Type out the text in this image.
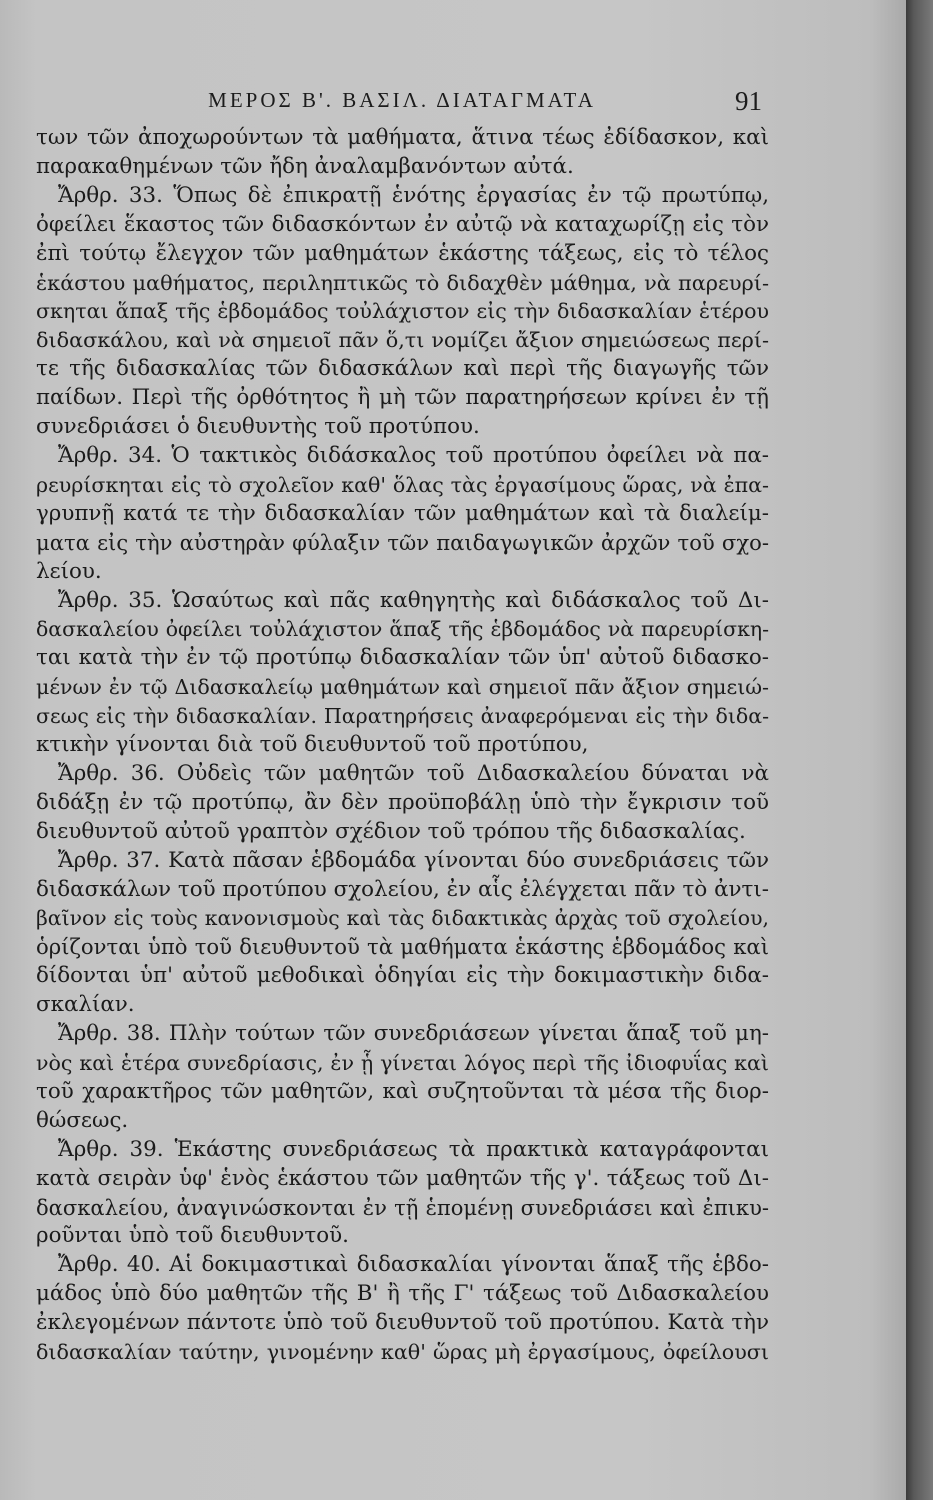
ΜΕΡΟΣ Β'. ΒΑΣΙΛ. ΔΙΑΤΑΓΜΑΤΑ	91
των τῶν ἀποχωρούντων τὰ μαθήματα, ἅτινα τέως ἐδίδασκον, καὶ
παρακαθημένων τῶν ἤδη ἀναλαμβανόντων αὐτά.
Ἄρθρ. 33. Ὅπως δὲ ἐπικρατῇ ἑνότης ἐργασίας ἐν τῷ πρωτύπῳ,
ὀφείλει ἕκαστος τῶν διδασκόντων ἐν αὐτῷ νὰ καταχωρίζῃ εἰς τὸν
ἐπὶ τούτῳ ἔλεγχον τῶν μαθημάτων ἑκάστης τάξεως, εἰς τὸ τέλος
ἑκάστου μαθήματος, περιληπτικῶς τὸ διδαχθὲν μάθημα, νὰ παρευρί-
σκηται ἅπαξ τῆς ἑβδομάδος τοὐλάχιστον εἰς τὴν διδασκαλίαν ἑτέρου
διδασκάλου, καὶ νὰ σημειοῖ πᾶν ὅ,τι νομίζει ἄξιον σημειώσεως περί-
τε τῆς διδασκαλίας τῶν διδασκάλων καὶ περὶ τῆς διαγωγῆς τῶν
παίδων. Περὶ τῆς ὀρθότητος ἢ μὴ τῶν παρατηρήσεων κρίνει ἐν τῇ
συνεδριάσει ὁ διευθυντὴς τοῦ προτύπου.
Ἄρθρ. 34. Ὁ τακτικὸς διδάσκαλος τοῦ προτύπου ὀφείλει νὰ πα-
ρευρίσκηται εἰς τὸ σχολεῖον καθ' ὅλας τὰς ἐργασίμους ὥρας, νὰ ἐπα-
γρυπνῇ κατά τε τὴν διδασκαλίαν τῶν μαθημάτων καὶ τὰ διαλείμ-
ματα εἰς τὴν αὐστηρὰν φύλαξιν τῶν παιδαγωγικῶν ἀρχῶν τοῦ σχο-
λείου.
Ἄρθρ. 35. Ὡσαύτως καὶ πᾶς καθηγητὴς καὶ διδάσκαλος τοῦ Δι-
δασκαλείου ὀφείλει τοὐλάχιστον ἅπαξ τῆς ἑβδομάδος νὰ παρευρίσκη-
ται κατὰ τὴν ἐν τῷ προτύπῳ διδασκαλίαν τῶν ὑπ' αὐτοῦ διδασκο-
μένων ἐν τῷ Διδασκαλείῳ μαθημάτων καὶ σημειοῖ πᾶν ἄξιον σημειώ-
σεως εἰς τὴν διδασκαλίαν. Παρατηρήσεις ἀναφερόμεναι εἰς τὴν διδα-
κτικὴν γίνονται διὰ τοῦ διευθυντοῦ τοῦ προτύπου,
Ἄρθρ. 36. Οὐδεὶς τῶν μαθητῶν τοῦ Διδασκαλείου δύναται νὰ
διδάξῃ ἐν τῷ προτύπῳ, ἂν δὲν προϋποβάλῃ ὑπὸ τὴν ἔγκρισιν τοῦ
διευθυντοῦ αὐτοῦ γραπτὸν σχέδιον τοῦ τρόπου τῆς διδασκαλίας.
Ἄρθρ. 37. Κατὰ πᾶσαν ἑβδομάδα γίνονται δύο συνεδριάσεις τῶν
διδασκάλων τοῦ προτύπου σχολείου, ἐν αἷς ἐλέγχεται πᾶν τὸ ἀντι-
βαῖνον εἰς τοὺς κανονισμοὺς καὶ τὰς διδακτικὰς ἀρχὰς τοῦ σχολείου,
ὁρίζονται ὑπὸ τοῦ διευθυντοῦ τὰ μαθήματα ἑκάστης ἑβδομάδος καὶ
δίδονται ὑπ' αὐτοῦ μεθοδικαὶ ὁδηγίαι εἰς τὴν δοκιμαστικὴν διδα-
σκαλίαν.
Ἄρθρ. 38. Πλὴν τούτων τῶν συνεδριάσεων γίνεται ἅπαξ τοῦ μη-
νὸς καὶ ἑτέρα συνεδρίασις, ἐν ᾗ γίνεται λόγος περὶ τῆς ἰδιοφυΐας καὶ
τοῦ χαρακτῆρος τῶν μαθητῶν, καὶ συζητοῦνται τὰ μέσα τῆς διορ-
θώσεως.
Ἄρθρ. 39. Ἑκάστης συνεδριάσεως τὰ πρακτικὰ καταγράφονται
κατὰ σειρὰν ὑφ' ἑνὸς ἑκάστου τῶν μαθητῶν τῆς γ'. τάξεως τοῦ Δι-
δασκαλείου, ἀναγινώσκονται ἐν τῇ ἑπομένῃ συνεδριάσει καὶ ἐπικυ-
ροῦνται ὑπὸ τοῦ διευθυντοῦ.
Ἄρθρ. 40. Αἱ δοκιμαστικαὶ διδασκαλίαι γίνονται ἅπαξ τῆς ἑβδο-
μάδος ὑπὸ δύο μαθητῶν τῆς Β' ἢ τῆς Γ' τάξεως τοῦ Διδασκαλείου
ἐκλεγομένων πάντοτε ὑπὸ τοῦ διευθυντοῦ τοῦ προτύπου. Κατὰ τὴν
διδασκαλίαν ταύτην, γινομένην καθ' ὥρας μὴ ἐργασίμους, ὀφείλουσι
